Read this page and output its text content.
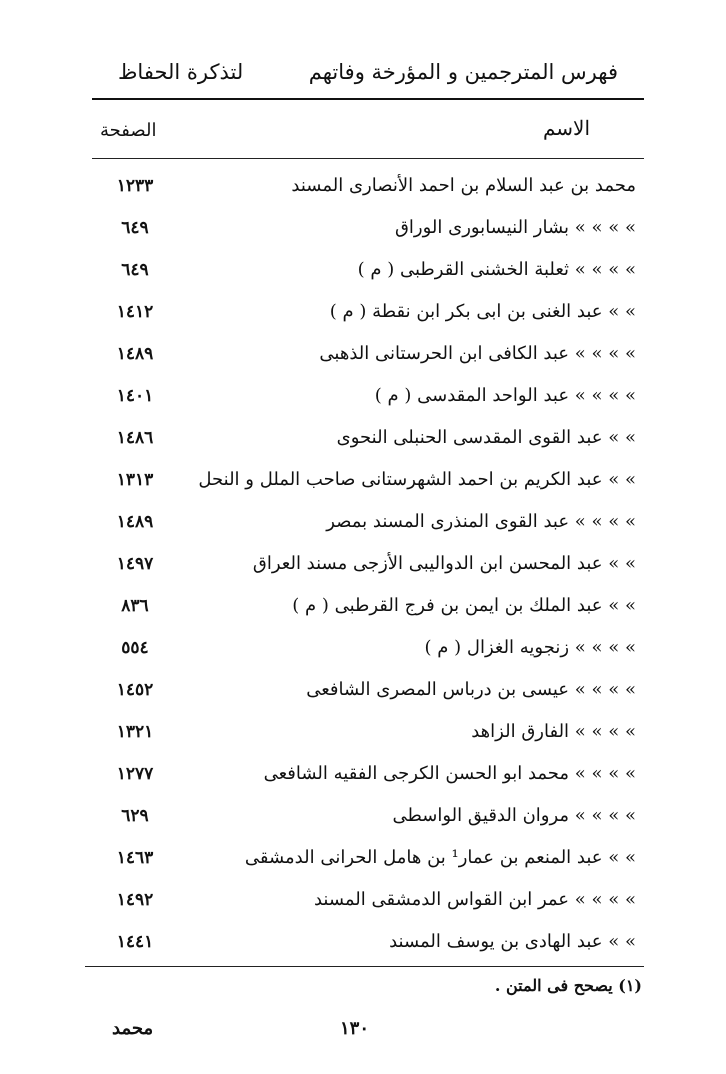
فهرس المترجمين و المؤرخة وفاتهم
لتذكرة الحفاظ
الاسم
الصفحة
محمد بن عبد السلام بن احمد الأنصارى المسند
١٢٣٣
» » » » بشار النيسابورى الوراق
٦٤٩
» » » » ثعلبة الخشنى القرطبى ( م )
٦٤٩
» » عبد الغنى بن ابى بكر ابن نقطة ( م )
١٤١٢
» » » » عبد الكافى ابن الحرستانى الذهبى
١٤٨٩
» » » » عبد الواحد المقدسى ( م )
١٤٠١
» » عبد القوى المقدسى الحنبلى النحوى
١٤٨٦
» » عبد الكريم بن احمد الشهرستانى صاحب الملل و النحل
١٣١٣
» » » » عبد القوى المنذرى المسند بمصر
١٤٨٩
» » عبد المحسن ابن الدواليبى الأزجى مسند العراق
١٤٩٧
» » عبد الملك بن ايمن بن فرج القرطبى ( م )
٨٣٦
» » » » زنجويه الغزال ( م )
٥٥٤
» » » » عيسى بن درباس المصرى الشافعى
١٤٥٢
» » » » الفارق الزاهد
١٣٢١
» » » » محمد ابو الحسن الكرجى الفقيه الشافعى
١٢٧٧
» » » » مروان الدقيق الواسطى
٦٢٩
» » عبد المنعم بن عمار¹ بن هامل الحرانى الدمشقى
١٤٦٣
» » » » عمر ابن القواس الدمشقى المسند
١٤٩٢
» » عبد الهادى بن يوسف المسند
١٤٤١
(١) يصحح فى المتن .
١٣٠
محمد
